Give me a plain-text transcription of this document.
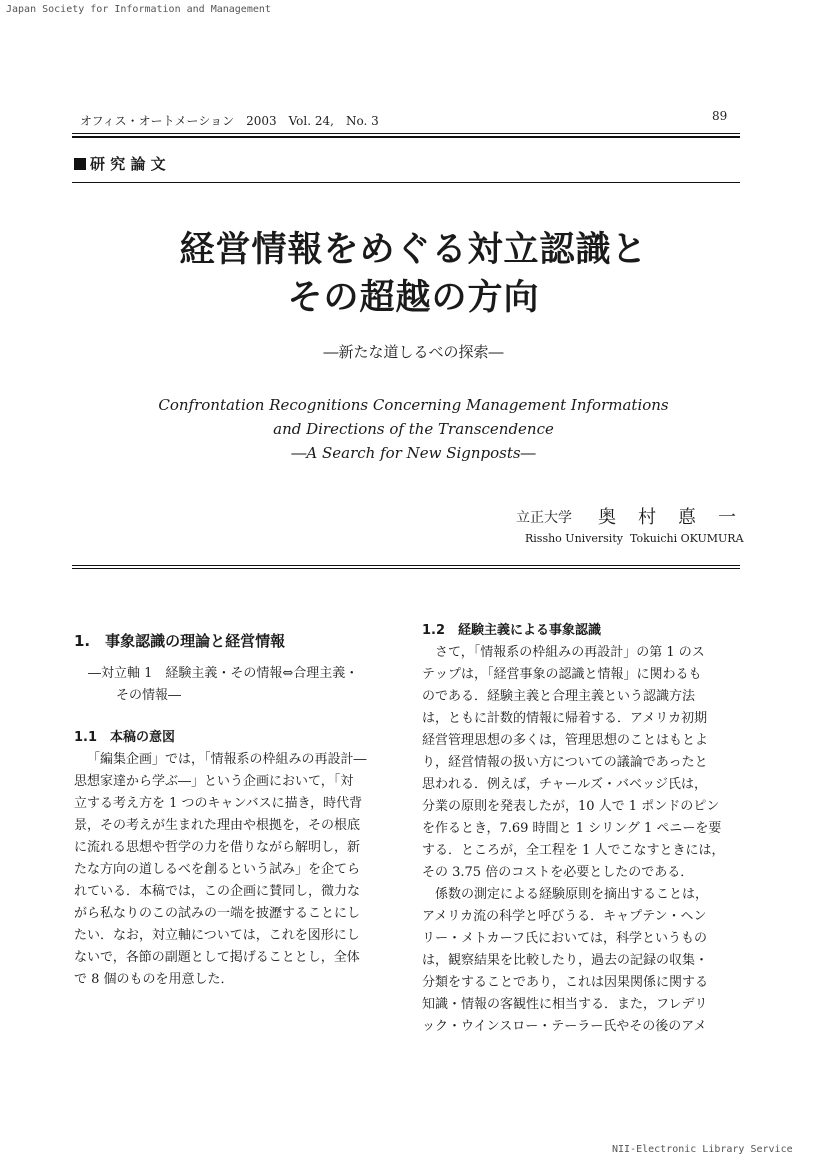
Japan Society for Information and Management
オフィス・オートメーション　2003　Vol. 24,　No. 3	89
研 究 論 文
経営情報をめぐる対立認識と
その超越の方向
―新たな道しるべの探索―
Confrontation Recognitions Concerning Management Informations
and Directions of the Transcendence
―A Search for New Signposts―
立正大学 奥　村　悳　一
Rissho University Tokuichi OKUMURA
1.　事象認識の理論と経営情報
―対立軸 1　経験主義・その情報⇔合理主義・
その情報―
1.1　本稿の意図
「編集企画」では，「情報系の枠組みの再設計―
思想家達から学ぶ―」という企画において，「対
立する考え方を 1 つのキャンバスに描き，時代背
景，その考えが生まれた理由や根拠を，その根底
に流れる思想や哲学の力を借りながら解明し，新
たな方向の道しるべを創るという試み」を企てら
れている．本稿では，この企画に賛同し，微力な
がら私なりのこの試みの一端を披瀝することにし
たい．なお，対立軸については，これを図形にし
ないで，各節の副題として掲げることとし，全体
で 8 個のものを用意した．
1.2　経験主義による事象認識
さて，「情報系の枠組みの再設計」の第 1 のス
テップは，「経営事象の認識と情報」に関わるも
のである．経験主義と合理主義という認識方法
は，ともに計数的情報に帰着する．アメリカ初期
経営管理思想の多くは，管理思想のことはもとよ
り，経営情報の扱い方についての議論であったと
思われる．例えば，チャールズ・バベッジ氏は，
分業の原則を発表したが，10 人で 1 ポンドのピン
を作るとき，7.69 時間と 1 シリング 1 ペニーを要
する．ところが，全工程を 1 人でこなすときには，
その 3.75 倍のコストを必要としたのである．
係数の測定による経験原則を摘出することは，
アメリカ流の科学と呼びうる．キャプテン・ヘン
リー・メトカーフ氏においては，科学というもの
は，観察結果を比較したり，過去の記録の収集・
分類をすることであり，これは因果関係に関する
知識・情報の客観性に相当する．また，フレデリ
ック・ウインスロー・テーラー氏やその後のアメ
NII-Electronic Library Service
